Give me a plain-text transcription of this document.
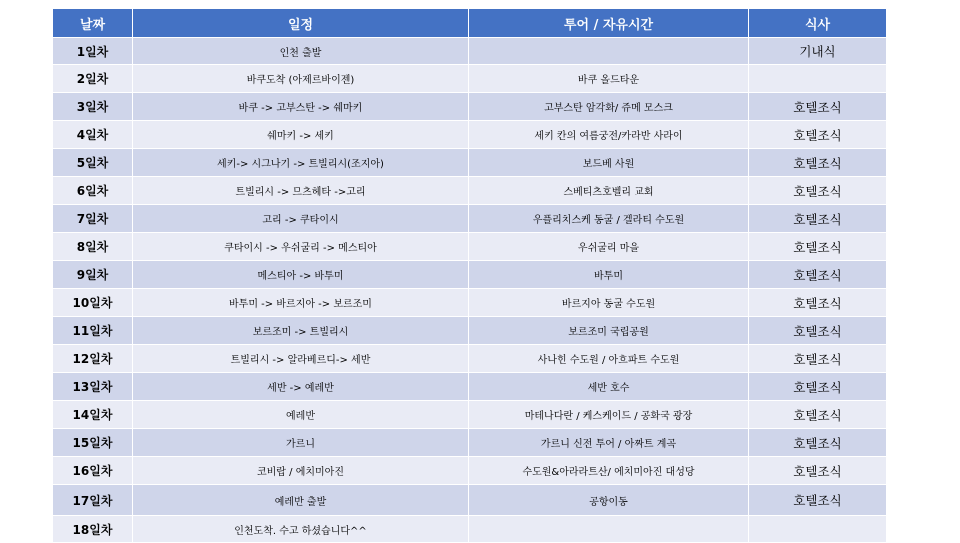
날짜	일정	투어 / 자유시간	식사
1일차	인천 출발		기내식
2일차	바쿠도착 (아제르바이젠)	바쿠 올드타운	
3일차	바쿠 -> 고부스탄 -> 쉐마키	고부스탄 암각화/ 쥬메 모스크	호텔조식
4일차	쉐마키 -> 세키	세키 칸의 여름궁전/카라반 사라이	호텔조식
5일차	세키-> 시그나기 -> 트빌리시(조지아)	보드베 사원	호텔조식
6일차	트빌리시 -> 므츠헤타 ->고리	스베티츠호벨리 교회	호텔조식
7일차	고리 -> 쿠타이시	우플리치스케 동굴 / 겔라티 수도원	호텔조식
8일차	쿠타이시 -> 우쉬굴리 -> 메스티아	우쉬굴리 마을	호텔조식
9일차	메스티아 -> 바투미	바투미	호텔조식
10일차	바투미 -> 바르지아 -> 보르조미	바르지아 동굴 수도원	호텔조식
11일차	보르조미 -> 트빌리시	보르조미 국립공원	호텔조식
12일차	트빌리시 -> 알라베르디-> 세반	사나힌 수도원 / 아흐파트 수도원	호텔조식
13일차	세반 -> 예레반	세반 호수	호텔조식
14일차	예레반	마테나다란 / 케스케이드 / 공화국 광장	호텔조식
15일차	가르니	가르니 신전 투어 / 아짜트 계곡	호텔조식
16일차	코비랍 / 에치미아진	수도원&아라라트산/ 에치미아진 대성당	호텔조식
17일차	예레반 출발	공항이동	호텔조식
18일차	인천도착. 수고 하셨습니다^^		
